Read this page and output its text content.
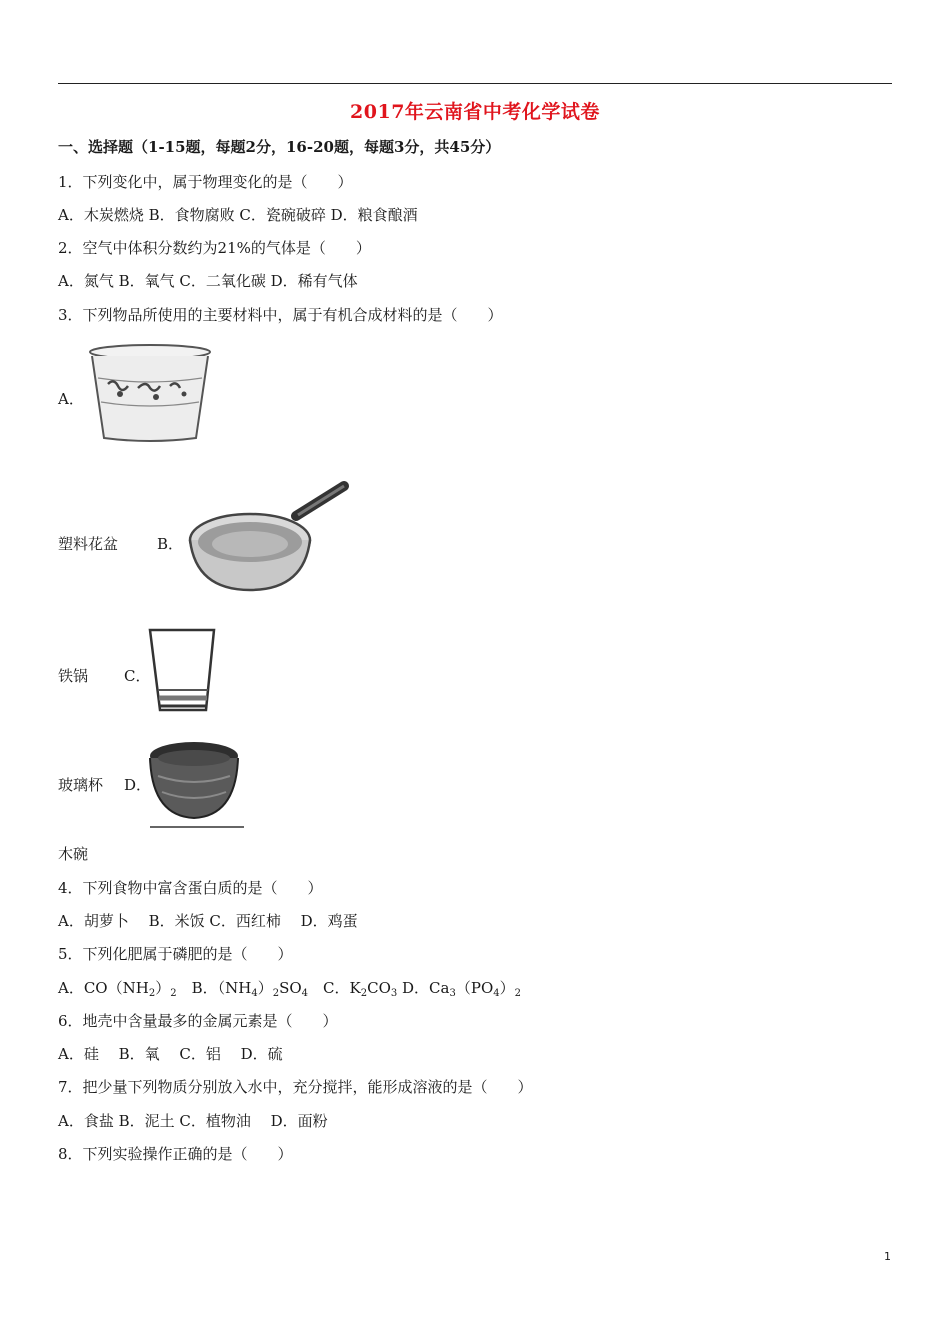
2017年云南省中考化学试卷
一、选择题（1-15题，每题2分，16-20题，每题3分，共45分）
1．下列变化中，属于物理变化的是（　　）
A．木炭燃烧 B．食物腐败 C．瓷碗破碎 D．粮食酿酒
2．空气中体积分数约为21%的气体是（　　）
A．氮气 B．氧气 C．二氧化碳 D．稀有气体
3．下列物品所使用的主要材料中，属于有机合成材料的是（　　）
A．
塑料花盆	B．
铁锅 C．
玻璃杯 D．
木碗
4．下列食物中富含蛋白质的是（　　）
A．胡萝卜　 B．米饭 C．西红柿　 D．鸡蛋
5．下列化肥属于磷肥的是（　　）
A．$CO(NH_2)_2$　B．$(NH_4)_2SO_4$　C．$K_2CO_3$ D．$Ca_3(PO_4)_2$
6．地壳中含量最多的金属元素是（　　）
A．硅　 B．氧　 C．铝　 D．硫
7．把少量下列物质分别放入水中，充分搅拌，能形成溶液的是（　　）
A．食盐 B．泥土 C．植物油　 D．面粉
8．下列实验操作正确的是（　　）
1
